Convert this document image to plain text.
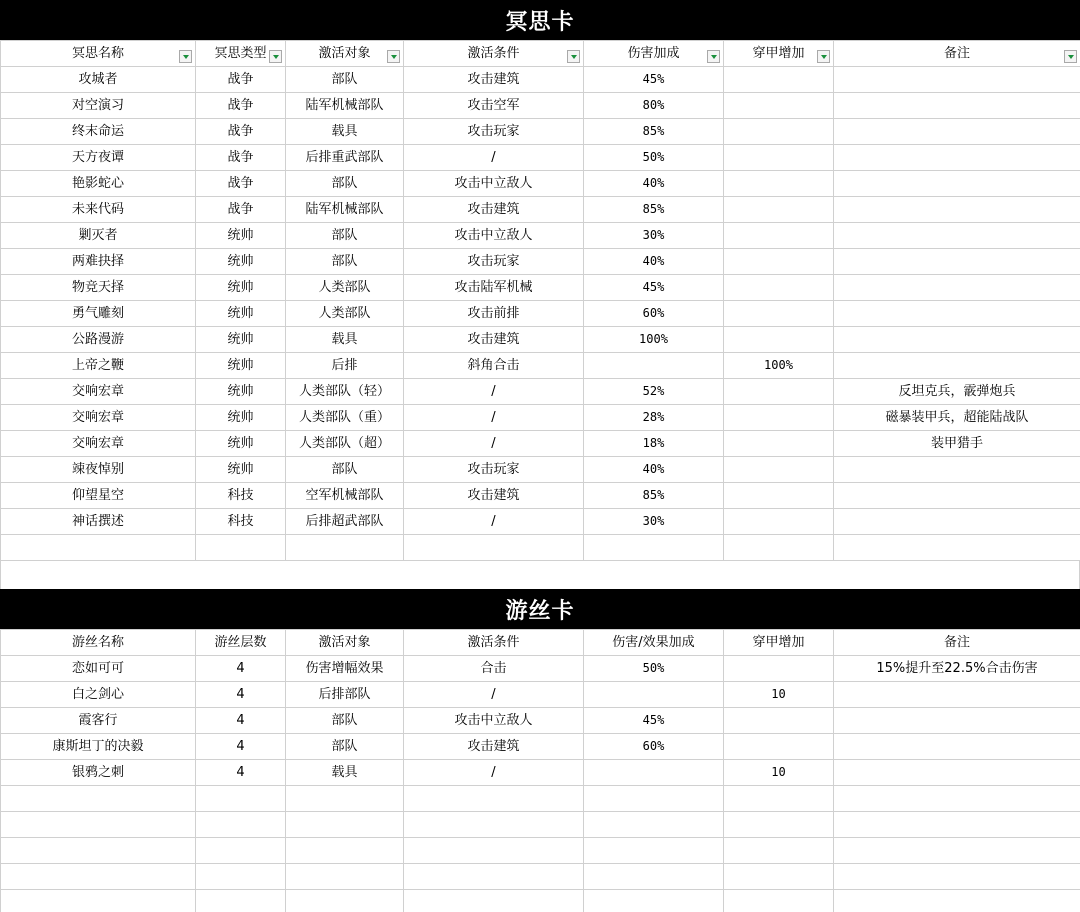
冥思卡
冥思名称	冥思类型	激活对象	激活条件	伤害加成	穿甲增加	备注

攻城者	战争	部队	攻击建筑	45%		
对空演习	战争	陆军机械部队	攻击空军	80%		
终末命运	战争	载具	攻击玩家	85%		
天方夜谭	战争	后排重武部队	/	50%		
艳影蛇心	战争	部队	攻击中立敌人	40%		
未来代码	战争	陆军机械部队	攻击建筑	85%		
剿灭者	统帅	部队	攻击中立敌人	30%		
两难抉择	统帅	部队	攻击玩家	40%		
物竞天择	统帅	人类部队	攻击陆军机械	45%		
勇气雕刻	统帅	人类部队	攻击前排	60%		
公路漫游	统帅	载具	攻击建筑	100%		
上帝之鞭	统帅	后排	斜角合击		100%	
交响宏章	统帅	人类部队（轻）	/	52%		反坦克兵，霰弹炮兵
交响宏章	统帅	人类部队（重）	/	28%		磁暴装甲兵，超能陆战队
交响宏章	统帅	人类部队（超）	/	18%		装甲猎手
竦夜悼别	统帅	部队	攻击玩家	40%		
仰望星空	科技	空军机械部队	攻击建筑	85%		
神话撰述	科技	后排超武部队	/	30%		

游丝卡
游丝名称	游丝层数	激活对象	激活条件	伤害/效果加成	穿甲增加	备注
恋如可可	4	伤害增幅效果	合击	50%		15%提升至22.5%合击伤害
白之剑心	4	后排部队	/		10	
霞客行	4	部队	攻击中立敌人	45%		
康斯坦丁的决毅	4	部队	攻击建筑	60%		
银鸦之刺	4	载具	/		10	
